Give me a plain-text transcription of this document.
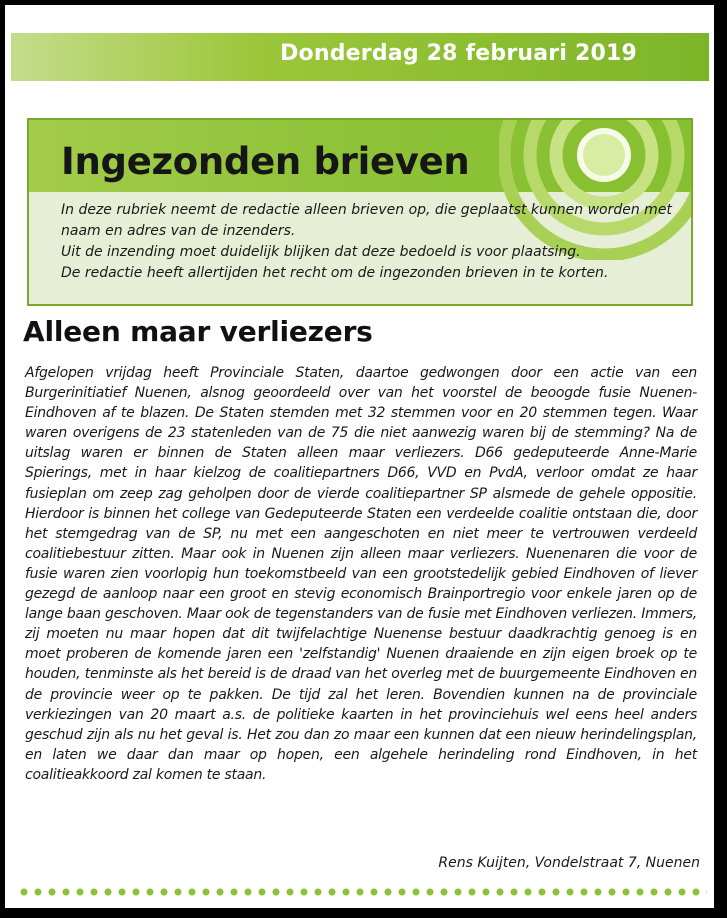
Donderdag 28 februari 2019
Ingezonden brieven

In deze rubriek neemt de redactie alleen brieven op, die geplaatst kunnen worden met naam en adres van de inzenders.

Uit de inzending moet duidelijk blijken dat deze bedoeld is voor plaatsing.

De redactie heeft allertijden het recht om de ingezonden brieven in te korten.

Alleen maar verliezers

Afgelopen vrijdag heeft Provinciale Staten, daartoe gedwongen door een actie van een Burgerinitiatief Nuenen, alsnog geoordeeld over van het voorstel de beoogde fusie Nuenen-Eindhoven af te blazen. De Staten stemden met 32 stemmen voor en 20 stemmen tegen. Waar waren overigens de 23 statenleden van de 75 die niet aanwezig waren bij de stemming? Na de uitslag waren er binnen de Staten alleen maar verliezers. D66 gedeputeerde Anne-Marie Spierings, met in haar kielzog de coalitiepartners D66, VVD en PvdA, verloor omdat ze haar fusieplan om zeep zag geholpen door de vierde coalitiepartner SP alsmede de gehele oppositie. Hierdoor is binnen het college van Gedeputeerde Staten een verdeelde coalitie ontstaan die, door het stemgedrag van de SP, nu met een aangeschoten en niet meer te vertrouwen verdeeld coalitiebestuur zitten. Maar ook in Nuenen zijn alleen maar verliezers. Nuenenaren die voor de fusie waren zien voorlopig hun toekomstbeeld van een grootstedelijk gebied Eindhoven of liever gezegd de aanloop naar een groot en stevig economisch Brainportregio voor enkele jaren op de lange baan geschoven. Maar ook de tegenstanders van de fusie met Eindhoven verliezen. Immers, zij moeten nu maar hopen dat dit twijfelachtige Nuenense bestuur daadkrachtig genoeg is en moet proberen de komende jaren een 'zelfstandig' Nuenen draaiende en zijn eigen broek op te houden, tenminste als het bereid is de draad van het overleg met de buurgemeente Eindhoven en de provincie weer op te pakken. De tijd zal het leren. Bovendien kunnen na de provinciale verkiezingen van 20 maart a.s. de politieke kaarten in het provinciehuis wel eens heel anders geschud zijn als nu het geval is. Het zou dan zo maar een kunnen dat een nieuw herindelingsplan, en laten we daar dan maar op hopen, een algehele herindeling rond Eindhoven, in het coalitieakkoord zal komen te staan.

Rens Kuijten, Vondelstraat 7, Nuenen
